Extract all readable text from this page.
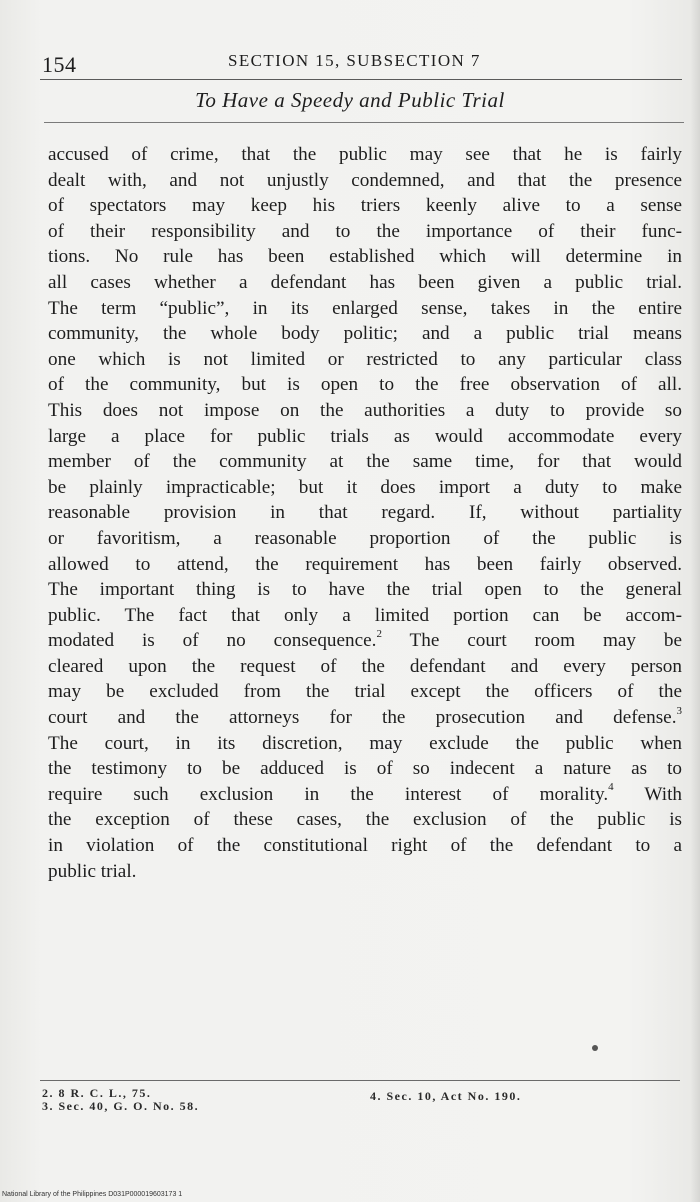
154	SECTION 15, SUBSECTION 7
To Have a Speedy and Public Trial
accused of crime, that the public may see that he is fairly
dealt with, and not unjustly condemned, and that the presence
of spectators may keep his triers keenly alive to a sense
of their responsibility and to the importance of their func-
tions. No rule has been established which will determine in
all cases whether a defendant has been given a public trial.
The term “public”, in its enlarged sense, takes in the entire
community, the whole body politic; and a public trial means
one which is not limited or restricted to any particular class
of the community, but is open to the free observation of all.
This does not impose on the authorities a duty to provide so
large a place for public trials as would accommodate every
member of the community at the same time, for that would
be plainly impracticable; but it does import a duty to make
reasonable provision in that regard. If, without partiality
or favoritism, a reasonable proportion of the public is
allowed to attend, the requirement has been fairly observed.
The important thing is to have the trial open to the general
public. The fact that only a limited portion can be accom-
modated is of no consequence.$^2$ The court room may be
cleared upon the request of the defendant and every person
may be excluded from the trial except the officers of the
court and the attorneys for the prosecution and defense.$^3$
The court, in its discretion, may exclude the public when
the testimony to be adduced is of so indecent a nature as to
require such exclusion in the interest of morality.$^4$ With
the exception of these cases, the exclusion of the public is
in violation of the constitutional right of the defendant to a
public trial.
2. 8 R. C. L., 75.
3. Sec. 40, G. O. No. 58.
4. Sec. 10, Act No. 190.
National Library of the Philippines D031P000019603173 1
